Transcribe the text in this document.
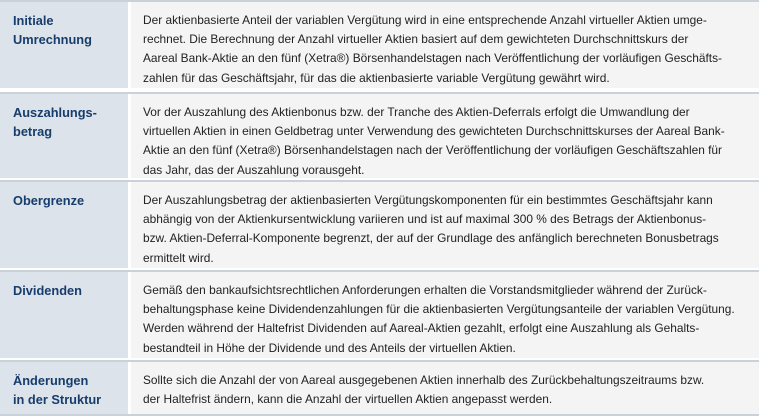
Initiale
Umrechnung
Der aktienbasierte Anteil der variablen Vergütung wird in eine entsprechende Anzahl virtueller Aktien umge-
rechnet. Die Berechnung der Anzahl virtueller Aktien basiert auf dem gewichteten Durchschnittskurs der
Aareal Bank-Aktie an den fünf (Xetra®) Börsenhandelstagen nach Veröffentlichung der vorläufigen Geschäfts-
zahlen für das Geschäftsjahr, für das die aktienbasierte variable Vergütung gewährt wird.
Auszahlungs-
betrag
Vor der Auszahlung des Aktienbonus bzw. der Tranche des Aktien-Deferrals erfolgt die Umwandlung der
virtuellen Aktien in einen Geldbetrag unter Verwendung des gewichteten Durchschnittskurses der Aareal Bank-
Aktie an den fünf (Xetra®) Börsenhandelstagen nach der Veröffentlichung der vorläufigen Geschäftszahlen für
das Jahr, das der Auszahlung vorausgeht.
Obergrenze	Der Auszahlungsbetrag der aktienbasierten Vergütungskomponenten für ein bestimmtes Geschäftsjahr kann
abhängig von der Aktienkursentwicklung variieren und ist auf maximal 300 % des Betrags der Aktienbonus-
bzw. Aktien-Deferral-Komponente begrenzt, der auf der Grundlage des anfänglich berechneten Bonusbetrags
ermittelt wird.
Dividenden	Gemäß den bankaufsichtsrechtlichen Anforderungen erhalten die Vorstandsmitglieder während der Zurück-
behaltungsphase keine Dividendenzahlungen für die aktienbasierten Vergütungsanteile der variablen Vergütung.
Werden während der Haltefrist Dividenden auf Aareal-Aktien gezahlt, erfolgt eine Auszahlung als Gehalts-
bestandteil in Höhe der Dividende und des Anteils der virtuellen Aktien.
Änderungen
in der Struktur
Sollte sich die Anzahl der von Aareal ausgegebenen Aktien innerhalb des Zurückbehaltungszeitraums bzw.
der Haltefrist ändern, kann die Anzahl der virtuellen Aktien angepasst werden.
